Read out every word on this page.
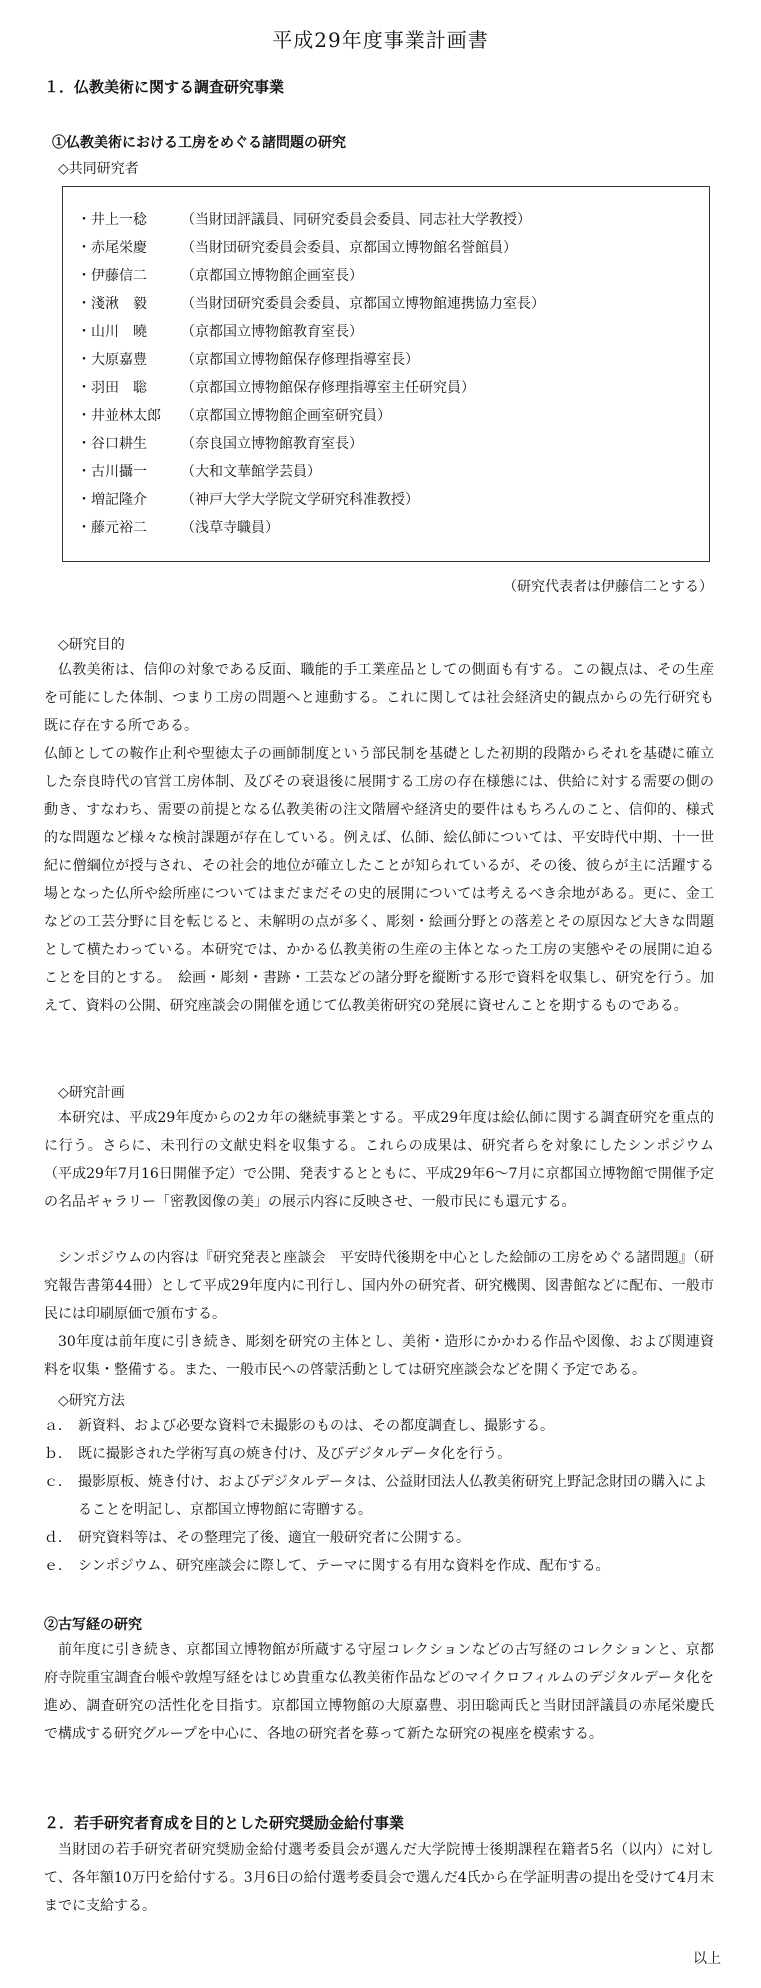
平成29年度事業計画書
１．仏教美術に関する調査研究事業
①仏教美術における工房をめぐる諸問題の研究
◇共同研究者
・井上一稔	（当財団評議員、同研究委員会委員、同志社大学教授）
・赤尾栄慶	（当財団研究委員会委員、京都国立博物館名誉館員）
・伊藤信二	（京都国立博物館企画室長）
・淺湫　毅	（当財団研究委員会委員、京都国立博物館連携協力室長）
・山川　曉	（京都国立博物館教育室長）
・大原嘉豊	（京都国立博物館保存修理指導室長）
・羽田　聡	（京都国立博物館保存修理指導室主任研究員）
・井並林太郎	（京都国立博物館企画室研究員）
・谷口耕生	（奈良国立博物館教育室長）
・古川攝一	（大和文華館学芸員）
・増記隆介	（神戸大学大学院文学研究科准教授）
・藤元裕二	（浅草寺職員）
（研究代表者は伊藤信二とする）
◇研究目的

仏教美術は、信仰の対象である反面、職能的手工業産品としての側面も有する。この観点は、その生産を可能にした体制、つまり工房の問題へと連動する。これに関しては社会経済史的観点からの先行研究も既に存在する所である。

仏師としての鞍作止利や聖徳太子の画師制度という部民制を基礎とした初期的段階からそれを基礎に確立した奈良時代の官営工房体制、及びその衰退後に展開する工房の存在様態には、供給に対する需要の側の動き、すなわち、需要の前提となる仏教美術の注文階層や経済史的要件はもちろんのこと、信仰的、様式的な問題など様々な検討課題が存在している。例えば、仏師、絵仏師については、平安時代中期、十一世紀に僧綱位が授与され、その社会的地位が確立したことが知られているが、その後、彼らが主に活躍する場となった仏所や絵所座についてはまだまだその史的展開については考えるべき余地がある。更に、金工などの工芸分野に目を転じると、未解明の点が多く、彫刻・絵画分野との落差とその原因など大きな問題として横たわっている。本研究では、かかる仏教美術の生産の主体となった工房の実態やその展開に迫ることを目的とする。　絵画・彫刻・書跡・工芸などの諸分野を縦断する形で資料を収集し、研究を行う。加えて、資料の公開、研究座談会の開催を通じて仏教美術研究の発展に資せんことを期するものである。

◇研究計画

本研究は、平成29年度からの2カ年の継続事業とする。平成29年度は絵仏師に関する調査研究を重点的に行う。さらに、未刊行の文献史料を収集する。これらの成果は、研究者らを対象にしたシンポジウム（平成29年7月16日開催予定）で公開、発表するとともに、平成29年6〜7月に京都国立博物館で開催予定の名品ギャラリー「密教図像の美」の展示内容に反映させ、一般市民にも還元する。

シンポジウムの内容は『研究発表と座談会　平安時代後期を中心とした絵師の工房をめぐる諸問題』（研究報告書第44冊）として平成29年度内に刊行し、国内外の研究者、研究機関、図書館などに配布、一般市民には印刷原価で頒布する。

30年度は前年度に引き続き、彫刻を研究の主体とし、美術・造形にかかわる作品や図像、および関連資料を収集・整備する。また、一般市民への啓蒙活動としては研究座談会などを開く予定である。

◇研究方法
ａ． 新資料、および必要な資料で未撮影のものは、その都度調査し、撮影する。
ｂ． 既に撮影された学術写真の焼き付け、及びデジタルデータ化を行う。
ｃ． 撮影原板、焼き付け、およびデジタルデータは、公益財団法人仏教美術研究上野記念財団の購入によることを明記し、京都国立博物館に寄贈する。
ｄ． 研究資料等は、その整理完了後、適宜一般研究者に公開する。
ｅ． シンポジウム、研究座談会に際して、テーマに関する有用な資料を作成、配布する。
②古写経の研究

前年度に引き続き、京都国立博物館が所蔵する守屋コレクションなどの古写経のコレクションと、京都府寺院重宝調査台帳や敦煌写経をはじめ貴重な仏教美術作品などのマイクロフィルムのデジタルデータ化を進め、調査研究の活性化を目指す。京都国立博物館の大原嘉豊、羽田聡両氏と当財団評議員の赤尾栄慶氏で構成する研究グループを中心に、各地の研究者を募って新たな研究の視座を模索する。

２．若手研究者育成を目的とした研究奨励金給付事業

当財団の若手研究者研究奨励金給付選考委員会が選んだ大学院博士後期課程在籍者5名（以内）に対して、各年額10万円を給付する。3月6日の給付選考委員会で選んだ4氏から在学証明書の提出を受けて4月末までに支給する。

以上
